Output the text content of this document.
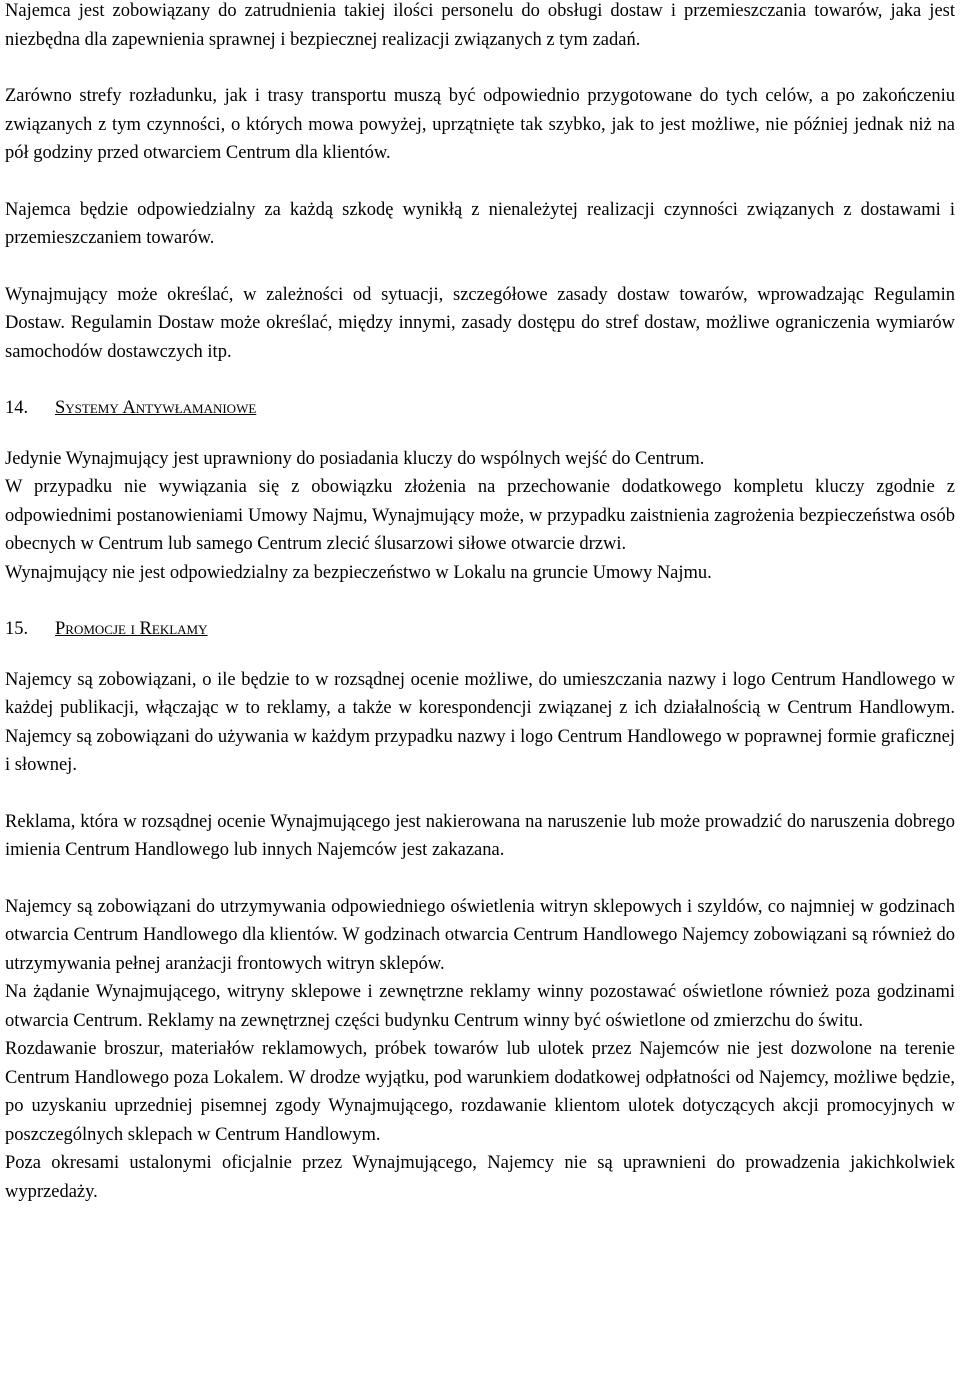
Najemca jest zobowiązany do zatrudnienia takiej ilości personelu do obsługi dostaw i przemieszczania towarów, jaka jest niezbędna dla zapewnienia sprawnej i bezpiecznej realizacji związanych z tym zadań.

Zarówno strefy rozładunku, jak i trasy transportu muszą być odpowiednio przygotowane do tych celów, a po zakończeniu związanych z tym czynności, o których mowa powyżej, uprzątnięte tak szybko, jak to jest możliwe, nie później jednak niż na pół godziny przed otwarciem Centrum dla klientów.

Najemca będzie odpowiedzialny za każdą szkodę wynikłą z nienależytej realizacji czynności związanych z dostawami i przemieszczaniem towarów.

Wynajmujący może określać, w zależności od sytuacji, szczegółowe zasady dostaw towarów, wprowadzając Regulamin Dostaw. Regulamin Dostaw może określać, między innymi, zasady dostępu do stref dostaw, możliwe ograniczenia wymiarów samochodów dostawczych itp.

14. Systemy Antywłamaniowe

Jedynie Wynajmujący jest uprawniony do posiadania kluczy do wspólnych wejść do Centrum.

W przypadku nie wywiązania się z obowiązku złożenia na przechowanie dodatkowego kompletu kluczy zgodnie z odpowiednimi postanowieniami Umowy Najmu, Wynajmujący może, w przypadku zaistnienia zagrożenia bezpieczeństwa osób obecnych w Centrum lub samego Centrum zlecić ślusarzowi siłowe otwarcie drzwi.

Wynajmujący nie jest odpowiedzialny za bezpieczeństwo w Lokalu na gruncie Umowy Najmu.

15. Promocje i Reklamy

Najemcy są zobowiązani, o ile będzie to w rozsądnej ocenie możliwe, do umieszczania nazwy i logo Centrum Handlowego w każdej publikacji, włączając w to reklamy, a także w korespondencji związanej z ich działalnością w Centrum Handlowym. Najemcy są zobowiązani do używania w każdym przypadku nazwy i logo Centrum Handlowego w poprawnej formie graficznej i słownej.

Reklama, która w rozsądnej ocenie Wynajmującego jest nakierowana na naruszenie lub może prowadzić do naruszenia dobrego imienia Centrum Handlowego lub innych Najemców jest zakazana.

Najemcy są zobowiązani do utrzymywania odpowiedniego oświetlenia witryn sklepowych i szyldów, co najmniej w godzinach otwarcia Centrum Handlowego dla klientów. W godzinach otwarcia Centrum Handlowego Najemcy zobowiązani są również do utrzymywania pełnej aranżacji frontowych witryn sklepów.

Na żądanie Wynajmującego, witryny sklepowe i zewnętrzne reklamy winny pozostawać oświetlone również poza godzinami otwarcia Centrum. Reklamy na zewnętrznej części budynku Centrum winny być oświetlone od zmierzchu do świtu.

Rozdawanie broszur, materiałów reklamowych, próbek towarów lub ulotek przez Najemców nie jest dozwolone na terenie Centrum Handlowego poza Lokalem. W drodze wyjątku, pod warunkiem dodatkowej odpłatności od Najemcy, możliwe będzie, po uzyskaniu uprzedniej pisemnej zgody Wynajmującego, rozdawanie klientom ulotek dotyczących akcji promocyjnych w poszczególnych sklepach w Centrum Handlowym.

Poza okresami ustalonymi oficjalnie przez Wynajmującego, Najemcy nie są uprawnieni do prowadzenia jakichkolwiek wyprzedaży.
